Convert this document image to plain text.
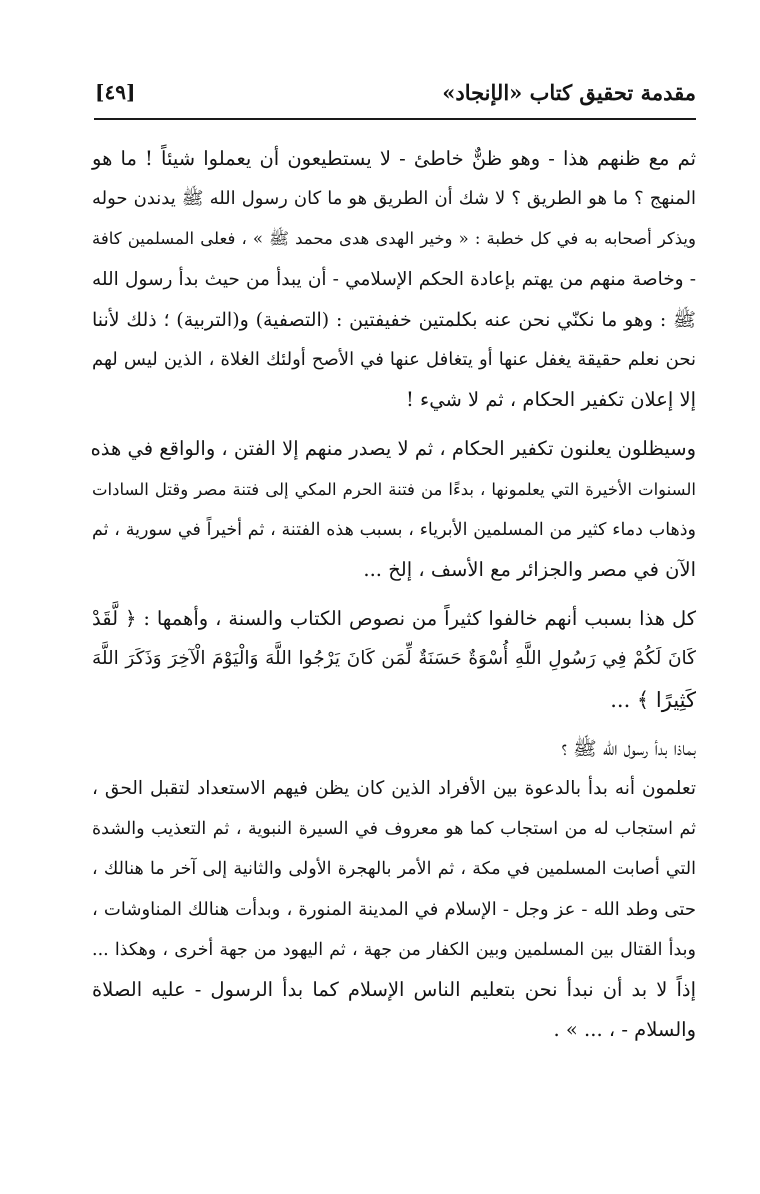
مقدمة تحقيق كتاب «الإنجاد»
[٤٩]
ثم مع ظنهم هذا - وهو ظنٌّ خاطئ - لا يستطيعون أن يعملوا شيئاً ! ما هو
المنهج ؟ ما هو الطريق ؟ لا شك أن الطريق هو ما كان رسول الله ﷺ يدندن حوله
ويذكر أصحابه به في كل خطبة : « وخير الهدى هدى محمد ﷺ » ، فعلى المسلمين كافة
- وخاصة منهم من يهتم بإعادة الحكم الإسلامي - أن يبدأ من حيث بدأ رسول الله
ﷺ : وهو ما نكنّي نحن عنه بكلمتين خفيفتين : (التصفية) و(التربية) ؛ ذلك لأننا
نحن نعلم حقيقة يغفل عنها أو يتغافل عنها في الأصح أولئك الغلاة ، الذين ليس لهم
إلا إعلان تكفير الحكام ، ثم لا شيء !
وسيظلون يعلنون تكفير الحكام ، ثم لا يصدر منهم إلا الفتن ، والواقع في هذه
السنوات الأخيرة التي يعلمونها ، بدءًا من فتنة الحرم المكي إلى فتنة مصر وقتل السادات
وذهاب دماء كثير من المسلمين الأبرياء ، بسبب هذه الفتنة ، ثم أخيراً في سورية ، ثم
الآن في مصر والجزائر مع الأسف ، إلخ ...
كل هذا بسبب أنهم خالفوا كثيراً من نصوص الكتاب والسنة ، وأهمها : ﴿ لَّقَدْ
كَانَ لَكُمْ فِي رَسُولِ اللَّهِ أُسْوَةٌ حَسَنَةٌ لِّمَن كَانَ يَرْجُوا اللَّهَ وَالْيَوْمَ الْآخِرَ وَذَكَرَ اللَّهَ
كَثِيرًا ﴾ ...
بماذا بدأ رسول الله ﷺ ؟
تعلمون أنه بدأ بالدعوة بين الأفراد الذين كان يظن فيهم الاستعداد لتقبل الحق ،
ثم استجاب له من استجاب كما هو معروف في السيرة النبوية ، ثم التعذيب والشدة
التي أصابت المسلمين في مكة ، ثم الأمر بالهجرة الأولى والثانية إلى آخر ما هنالك ،
حتى وطد الله - عز وجل - الإسلام في المدينة المنورة ، وبدأت هنالك المناوشات ،
وبدأ القتال بين المسلمين وبين الكفار من جهة ، ثم اليهود من جهة أخرى ، وهكذا ...
إذاً لا بد أن نبدأ نحن بتعليم الناس الإسلام كما بدأ الرسول - عليه الصلاة
والسلام - ، ... » .
